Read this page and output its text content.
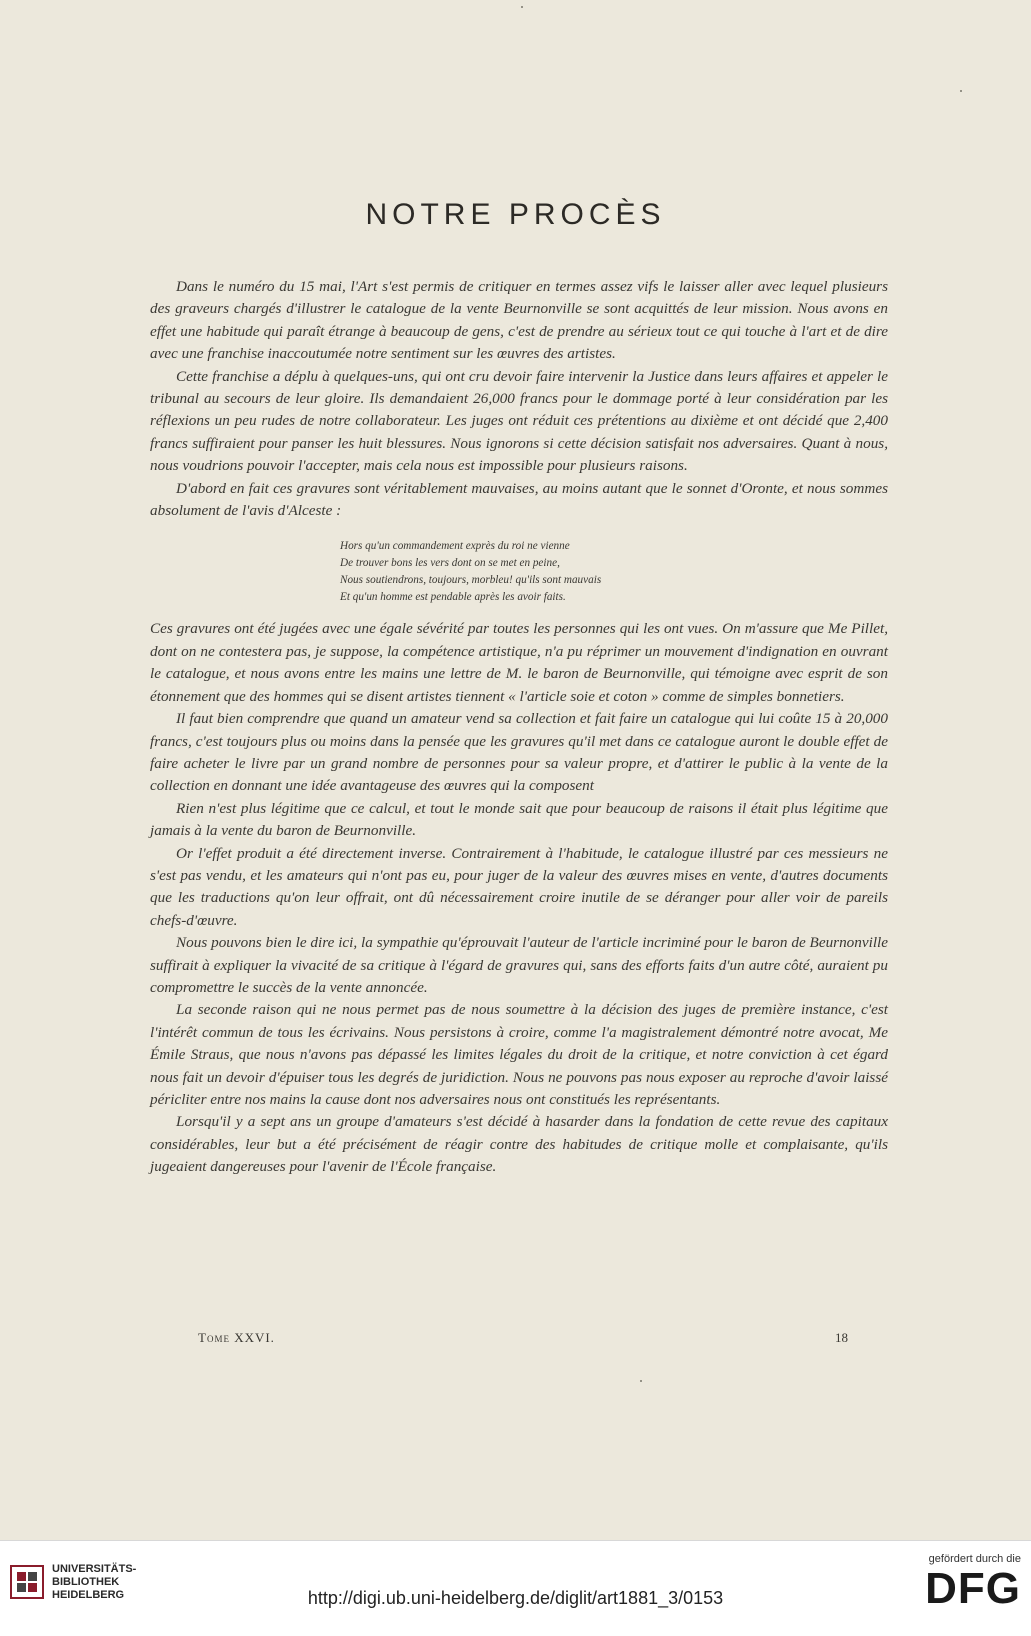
NOTRE PROCÈS

Dans le numéro du 15 mai, l'Art s'est permis de critiquer en termes assez vifs le laisser aller avec lequel plusieurs des graveurs chargés d'illustrer le catalogue de la vente Beurnonville se sont acquittés de leur mission. Nous avons en effet une habitude qui paraît étrange à beaucoup de gens, c'est de prendre au sérieux tout ce qui touche à l'art et de dire avec une franchise inaccoutumée notre sentiment sur les œuvres des artistes.

Cette franchise a déplu à quelques-uns, qui ont cru devoir faire intervenir la Justice dans leurs affaires et appeler le tribunal au secours de leur gloire. Ils demandaient 26,000 francs pour le dommage porté à leur considération par les réflexions un peu rudes de notre collaborateur. Les juges ont réduit ces prétentions au dixième et ont décidé que 2,400 francs suffiraient pour panser les huit blessures. Nous ignorons si cette décision satisfait nos adversaires. Quant à nous, nous voudrions pouvoir l'accepter, mais cela nous est impossible pour plusieurs raisons.

D'abord en fait ces gravures sont véritablement mauvaises, au moins autant que le sonnet d'Oronte, et nous sommes absolument de l'avis d'Alceste :

Hors qu'un commandement exprès du roi ne vienne
De trouver bons les vers dont on se met en peine,
Nous soutiendrons, toujours, morbleu! qu'ils sont mauvais
Et qu'un homme est pendable après les avoir faits.

Ces gravures ont été jugées avec une égale sévérité par toutes les personnes qui les ont vues. On m'assure que Me Pillet, dont on ne contestera pas, je suppose, la compétence artistique, n'a pu réprimer un mouvement d'indignation en ouvrant le catalogue, et nous avons entre les mains une lettre de M. le baron de Beurnonville, qui témoigne avec esprit de son étonnement que des hommes qui se disent artistes tiennent « l'article soie et coton » comme de simples bonnetiers.

Il faut bien comprendre que quand un amateur vend sa collection et fait faire un catalogue qui lui coûte 15 à 20,000 francs, c'est toujours plus ou moins dans la pensée que les gravures qu'il met dans ce catalogue auront le double effet de faire acheter le livre par un grand nombre de personnes pour sa valeur propre, et d'attirer le public à la vente de la collection en donnant une idée avantageuse des œuvres qui la composent

Rien n'est plus légitime que ce calcul, et tout le monde sait que pour beaucoup de raisons il était plus légitime que jamais à la vente du baron de Beurnonville.

Or l'effet produit a été directement inverse. Contrairement à l'habitude, le catalogue illustré par ces messieurs ne s'est pas vendu, et les amateurs qui n'ont pas eu, pour juger de la valeur des œuvres mises en vente, d'autres documents que les traductions qu'on leur offrait, ont dû nécessairement croire inutile de se déranger pour aller voir de pareils chefs-d'œuvre.

Nous pouvons bien le dire ici, la sympathie qu'éprouvait l'auteur de l'article incriminé pour le baron de Beurnonville suffirait à expliquer la vivacité de sa critique à l'égard de gravures qui, sans des efforts faits d'un autre côté, auraient pu compromettre le succès de la vente annoncée.

La seconde raison qui ne nous permet pas de nous soumettre à la décision des juges de première instance, c'est l'intérêt commun de tous les écrivains. Nous persistons à croire, comme l'a magistralement démontré notre avocat, Me Émile Straus, que nous n'avons pas dépassé les limites légales du droit de la critique, et notre conviction à cet égard nous fait un devoir d'épuiser tous les degrés de juridiction. Nous ne pouvons pas nous exposer au reproche d'avoir laissé péricliter entre nos mains la cause dont nos adversaires nous ont constitués les représentants.

Lorsqu'il y a sept ans un groupe d'amateurs s'est décidé à hasarder dans la fondation de cette revue des capitaux considérables, leur but a été précisément de réagir contre des habitudes de critique molle et complaisante, qu'ils jugeaient dangereuses pour l'avenir de l'École française.

Tome XXVI.	18
UNIVERSITÄTS-
BIBLIOTHEK
HEIDELBERG	http://digi.ub.uni-heidelberg.de/diglit/art1881_3/0153
gefördert durch die
DFG
